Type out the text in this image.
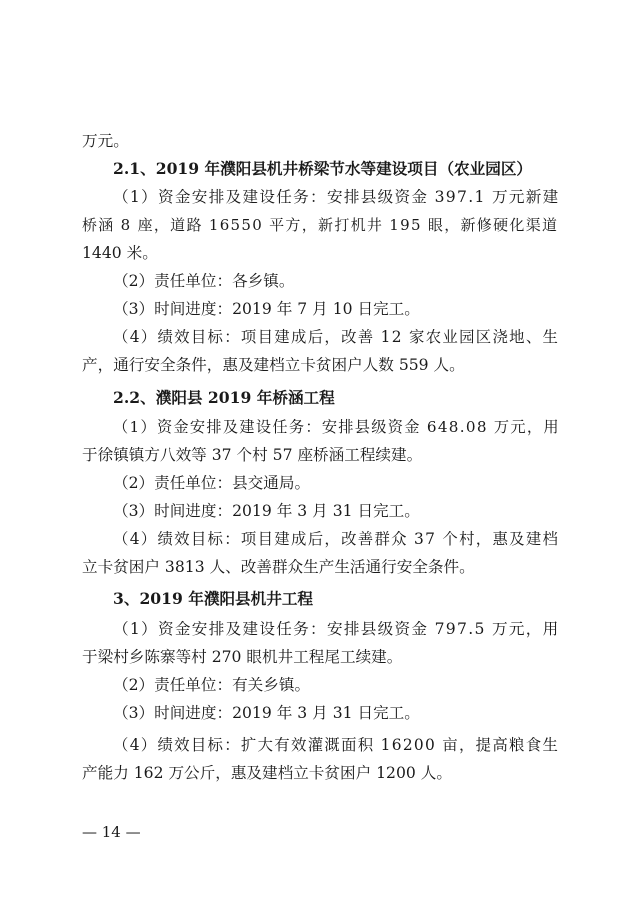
万元。
2.1、2019 年濮阳县机井桥梁节水等建设项目（农业园区）
（1）资金安排及建设任务：安排县级资金 397.1 万元新建
桥涵 8 座，道路 16550 平方，新打机井 195 眼，新修硬化渠道
1440 米。
（2）责任单位：各乡镇。
（3）时间进度：2019 年 7 月 10 日完工。
（4）绩效目标：项目建成后，改善 12 家农业园区浇地、生
产，通行安全条件，惠及建档立卡贫困户人数 559 人。
2.2、濮阳县 2019 年桥涵工程
（1）资金安排及建设任务：安排县级资金 648.08 万元，用
于徐镇镇方八效等 37 个村 57 座桥涵工程续建。
（2）责任单位：县交通局。
（3）时间进度：2019 年 3 月 31 日完工。
（4）绩效目标：项目建成后，改善群众 37 个村，惠及建档
立卡贫困户 3813 人、改善群众生产生活通行安全条件。
3、2019 年濮阳县机井工程
（1）资金安排及建设任务：安排县级资金 797.5 万元，用
于梁村乡陈寨等村 270 眼机井工程尾工续建。
（2）责任单位：有关乡镇。
（3）时间进度：2019 年 3 月 31 日完工。
（4）绩效目标：扩大有效灌溉面积 16200 亩，提高粮食生
产能力 162 万公斤，惠及建档立卡贫困户 1200 人。
— 14 —
